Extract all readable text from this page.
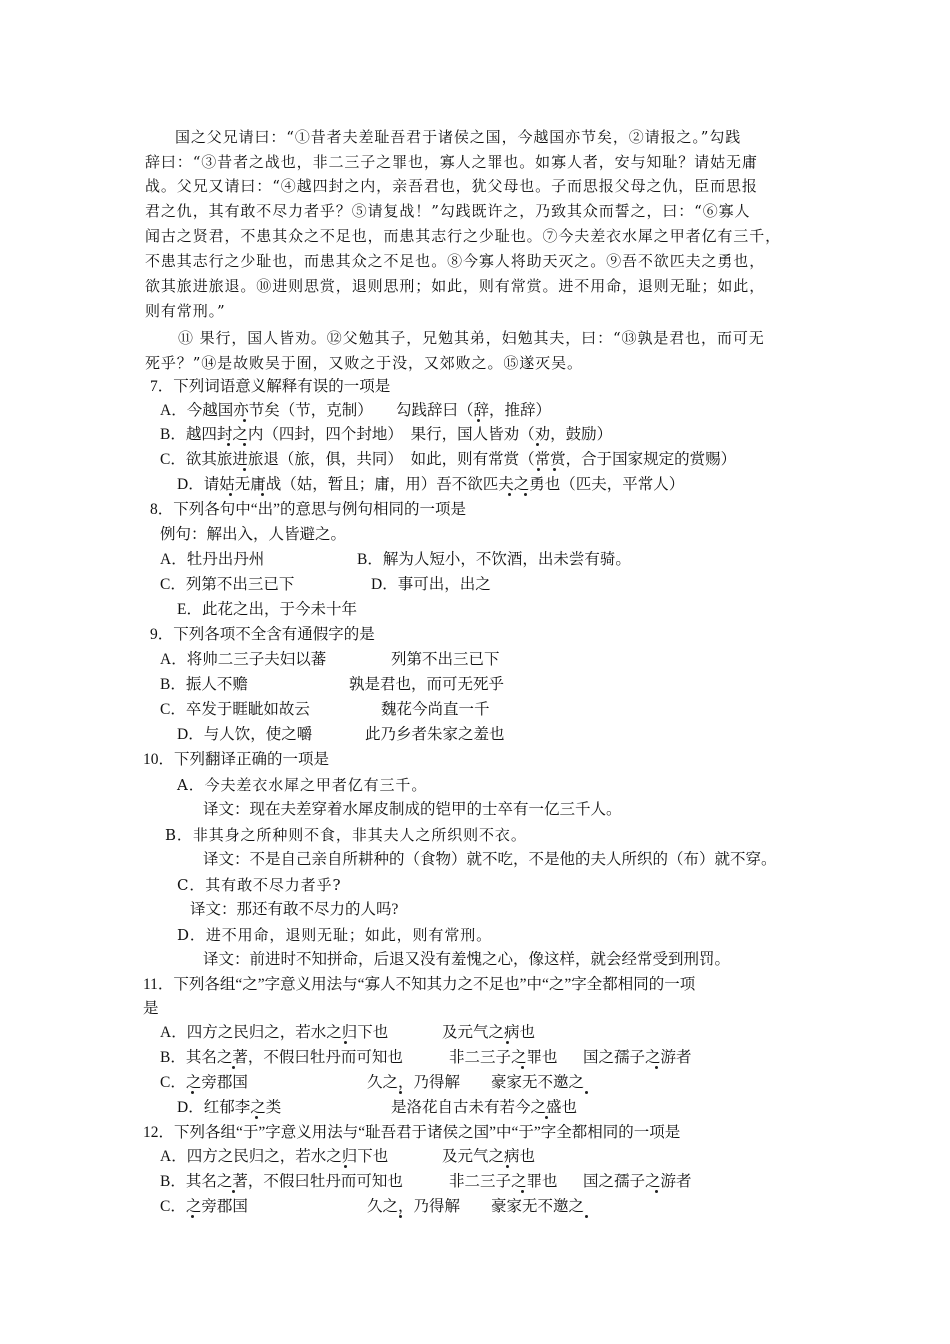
国之父兄请曰：“①昔者夫差耻吾君于诸侯之国，今越国亦节矣，②请报之。”勾践
辞曰：“③昔者之战也，非二三子之罪也，寡人之罪也。如寡人者，安与知耻？请姑无庸
战。父兄又请曰：“④越四封之内，亲吾君也，犹父母也。子而思报父母之仇，臣而思报
君之仇，其有敢不尽力者乎？⑤请复战！”勾践既许之，乃致其众而誓之，曰：“⑥寡人
闻古之贤君，不患其众之不足也，而患其志行之少耻也。⑦今夫差衣水犀之甲者亿有三千，
不患其志行之少耻也，而患其众之不足也。⑧今寡人将助天灭之。⑨吾不欲匹夫之勇也，
欲其旅进旅退。⑩进则思赏，退则思刑；如此，则有常赏。进不用命，退则无耻；如此，
则有常刑。”
⑪ 果行，国人皆劝。⑫父勉其子，兄勉其弟，妇勉其夫，曰：“⑬孰是君也，而可无
死乎？”⑭是故败吴于囿，又败之于没，又郊败之。⑮遂灭吴。
7．下列词语意义解释有误的一项是
A．今越国亦节矣（节，克制）　　勾践辞曰（辞，推辞）
B．越四封之内（四封，四个封地）　果行，国人皆劝（劝，鼓励）
C．欲其旅进旅退（旅，俱，共同）　如此，则有常赏（常赏，合于国家规定的赏赐）
D．请姑无庸战（姑，暂且；庸，用）吾不欲匹夫之勇也（匹夫，平常人）
8．下列各句中“出”的意思与例句相同的一项是
例句：解出入，人皆避之。
A．牡丹出丹州	B．解为人短小，不饮酒，出未尝有骑。
C．列第不出三已下	D．事可出，出之
E．此花之出，于今未十年
9．下列各项不全含有通假字的是
A．将帅二三子夫妇以蕃	列第不出三已下
B．振人不赡	孰是君也，而可无死乎
C．卒发于睚眦如故云	魏花今尚直一千
D．与人饮，使之嚼	此乃乡者朱家之羞也
10．下列翻译正确的一项是
A．今夫差衣水犀之甲者亿有三千。
译文：现在夫差穿着水犀皮制成的铠甲的士卒有一亿三千人。
B．非其身之所种则不食，非其夫人之所织则不衣。
译文：不是自己亲自所耕种的（食物）就不吃，不是他的夫人所织的（布）就不穿。
C．其有敢不尽力者乎?
译文：那还有敢不尽力的人吗?
D．进不用命，退则无耻；如此，则有常刑。
译文：前进时不知拼命，后退又没有羞愧之心，像这样，就会经常受到刑罚。
11．下列各组“之”字意义用法与“寡人不知其力之不足也”中“之”字全都相同的一项
是
A．四方之民归之，若水之归下也	及元气之病也
B．其名之著，不假曰牡丹而可知也	非二三子之罪也 国之孺子之游者
C．之旁郡国	久之，乃得解 豪家无不邀之
D．红郁李之类	是洛花自古未有若今之盛也
12．下列各组“于”字意义用法与“耻吾君于诸侯之国”中“于”字全都相同的一项是
A．四方之民归之，若水之归下也	及元气之病也
B．其名之著，不假曰牡丹而可知也	非二三子之罪也 国之孺子之游者
C．之旁郡国	久之，乃得解 豪家无不邀之
